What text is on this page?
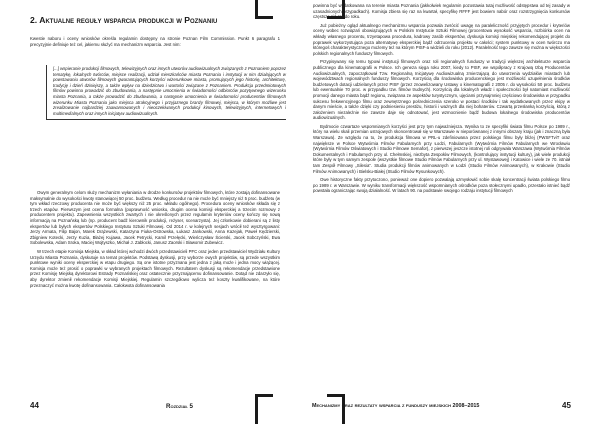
2. Aktualne reguły wsparcia produkcji w Poznaniu

Kwestie naboru i oceny wniosków określa regulamin dostępny na stronie Poznan Film Commission. Punkt 6 paragrafu 1 precyzyjnie definiuje też cel, jakiemu służyć ma mechanizm wsparcia. Jest nim:

[...] wspieranie produkcji filmowych, telewizyjnych oraz innych utworów audiowizualnych związanych z Poznaniem poprzez tematykę, lokalnych twórców, miejsce realizacji, udział mieszkańców miasta Poznania i instytucji w nim działających w powstawaniu utworów filmowych gwarantujących korzyści wizerunkowe miasta, promujących jego historię, architekturę, tradycję i dzień dzisiejszy, a także wpływ na dziedzictwo i wartości związane z Poznaniem. Produkcja przedmiotowych filmów powinna prowadzić do zbudowania, a następnie umocnienia w świadomości odbiorców pozytywnego wizerunku miasta Poznania, a także prowadzić do zbudowania, a następnie umocnienia w świadomości producentów filmowych wizerunku Miasta Poznania jako miejsca atrakcyjnego i przyjaznego branży filmowej, miejsca, w którym możliwe jest zrealizowanie najbardziej zaawansowanych i nieoczekiwanych produkcji kinowych, telewizyjnych, internetowych i multimedialnych oraz innych inicjatyw audiowizualnych.

Owym generalnym celom służy mechanizm wyłaniania w drodze konkursów projektów filmowych, które zostają dofinansowane maksymalnie do wysokości kwoty stanowiącej 50 proc. budżetu. Według procedur na nie może być mniejszy niż 5 proc. budżetu (w tym wkład rzeczowy producenta nie może być większy niż 25 proc. wkładu ogólnego). Procedura oceny wniosków składa się z trzech etapów. Pierwszym jest ocena formalna (poprawność wniosku, drugim ocena komisji eksperckiej a trzecim rozmowy z producentem projektu). Zapewnienia wszystkich zwartych i nie określonych przez regulamin kryteriów oceny kończy się nową informacją na Poznańską lub (np. producent badź kierownik produkcji, reżyser, scenarzysta). Jej członkowie dobierani są z listy ekspertów lub byłych ekspertów Polskiego Instytutu Sztuki Filmowej. Od 2014 r. w kolejnych sesjach wrócił też wysztyrgowani: Jerzy Armata, Filip Bajon, Marek Drążewski, Katarzyna Fiuka-Ostrowska, Łukasz Jankowski, Anna Kazejak, Paweł Kędzierski, Zbigniew Kotecki, Jerzy Kuzia, Błażej Kujawa, Jacek Petrycki, Kamil Przełęcki, Wieńczysław Ścierski, Jacek Sobczyński, Ewa Sobolewska, Adam Sroka, Maciej Wojtyszko, Michał J. Zabłocki, Janusz Zaorski i Sławomir Zubewicz.

W trzech etapie Komisja Miejska, w skład której wchodzi dwóch przedstawicieli PFC oraz jeden przedstawiciel Wydziału Kultury Urzędu Miasta Poznania, dyskutuje na temat projektów. Podstawą dyskusji, przy wyborze owych projektów, są przede wszystkim punktowe wyniki oceny eksperckiej w etapu drugiego. Są one istotne przyznana jest jedna z jaką może i jedna mocy wiążącej. Komisja może też prosić o poprawki w wybranych projektach filmowych. Rezultatem dyskusji są rekomendacje przedstawione przez Komisję Miejską dyrektorowi Estrady Poznańskiej oraz ostatecznie przyznającemu dofinansowanie. Dotąd nie zdarzyło się, aby dyrektor zmienił rekomendacje Komisji Miejskiej. Regulamin szczegółowo wylicza też koszty kwalifikowane, na które przeznaczyć można kwotę dofinansowania. Całokwota dofinansowania

44	Rozdział 5

powinna być wydatkowana na terenie miasta Poznania (jakkolwiek regulamin pozostawia tutaj możliwość odstępstwa od tej zasady w uzasadnionych przypadkach). Komisja zbiera się raz na kwartał, specyfikę RFFF jest bowiem nabór oraz rozstrzygnięcia konkursów częstsze niż raz do roku.

Już pobieżny ogląd aktualnego mechanizmu wsparcia pozwala zwrócić uwagę na paraleliczność przyjętych procedur i kryteriów oceny wobec rozwiązań obowiązujących w Polskim Instytucie Sztuki Filmowej (procentowa wysokość wsparcia, rozbiórka ocen na wkłady własnego procentu, trzyetapowa procedura, kadrowy zasób ekspertów, dyskusja komisji miejskiej rekomendującej projekt do poprawek wykorzystująca poza alternatywę eksperckiej bądź odrzucenia projektu w całości; system punktowy w ocen twórczo ma któregoś charakterystycznego możemy też na którym PISF-a widzieli do roku (2012). Paralelność tego zawsze się można w większości polskich regionalnych funduszy filmowych.

Przypisywany się temu typowi instytucji filmowych oraz roli regionalnych funduszy w tradycji większej architekturze wsparcia publicznego dla kinematografii w Polsce. Ich geneza sięga roku 2007, kiedy to PISF, we współpracy z Krajową Izbą Producentów Audiowizualnych, zapoczątkował Tzw. Regionalną Inicjatywę Audiowizualną zmierzającą do utworzenia wydziałów miastach lub województwach regionalnych funduszy filmowych. Korzyścią dla środowiska producenckiego jest możliwość uzupełnienia środków budżetowych dotacji udzielanych przez PISF (przez znowelizowany Ustawy o kinematografii z 2005 r. do wysokości 50 proc. budżetu lub ewentualnie 70 proc. w przypadku tzw. filmów trudnych). Korzyścią dla lokalnych władz i społeczności był natomiast możliwość promocji danego miasta bądź regionu, związana ze aspektów turystycznym, ujęciami przynajmniej częściowo środowiska w przypadku sukcesu frekwencyjnego filmu oraz zewnętrznego pośredniczenia szeroko w postaci środków i tak wydatkowanych przez ekipy w danym mieście, a także dzięki czy podniesieniu prestiżu, historii i ważnych dla niej bohaterów. Czwartą przesłanką korzyścią, którą z założeniem niezależnie nie zawsze daje się odnotować, jest wzmocnienie bądź budowa lokalnego środowiska producentów audiowizualnych.

Bydmocie czwartaze wspomnianych korzyści jest przy tym najważniejsza. Wynika to ze specyfiki świata filmu Polsce po 1989 r., który na wielu skali przemian ustrojowych skoncentrował się w Warszawie w nieporównanej z innymi obszary kraju (jak i znaczną była Warszawa). Ze względu na to, że produkcja filmowa w PRL-u zdefiniowana przez polskiego filmu były bliżej (PWSFTviT oraz największe w Polsce Wytwórnia Filmów Fabularnych przy Łodzi, Fabularnych (Wytwórnia Filmów Fabularnych we Wrocławiu (Wytwórnia Filmów Oświatowych i Studio Filmowe Semafor), z pierwszej jeszcze istotnej roli odgrywała Warszawa (Wytwórnia Filmów Dokumentalnych i Fabularnych przy ul. Chełmskiej, niezbyta Zespołów Filmowych, (kontrolujący instytucji kultury), jak wiele produkcji które były w tym samym zespole (wszystkie filmowe Studio Filmów Fabularnych przy ul. Wystawowej) i Katowice i wiele ze 70. istniał tam Zespół Filmowy „Silesia”. Studia produkcji filmów animowanych w Łodzi (Studio Filmów Animowanych), w Krakowie (Studio Filmów Animowanych) i Bielsku-Białej (Studio Filmów Rysunkowych).

Owe historyczne fakty przytoczono, ponieważ one dopiero pozwalają uzmysłowić sobie skalę koncentracji świata polskiego filmu po 1989 r. w Warszawie. W wyniku transformacji większość wspomnianych ośrodków poza stołecznymi upadło, przestało istnieć bądź powstała ograniczając swoją działalność. W latach 90. na podstawie swojego rodzaju instytucji filmowych

Mechanizmy oraz rezultaty wsparcia z funduszy miejskich 2008–2015	45
